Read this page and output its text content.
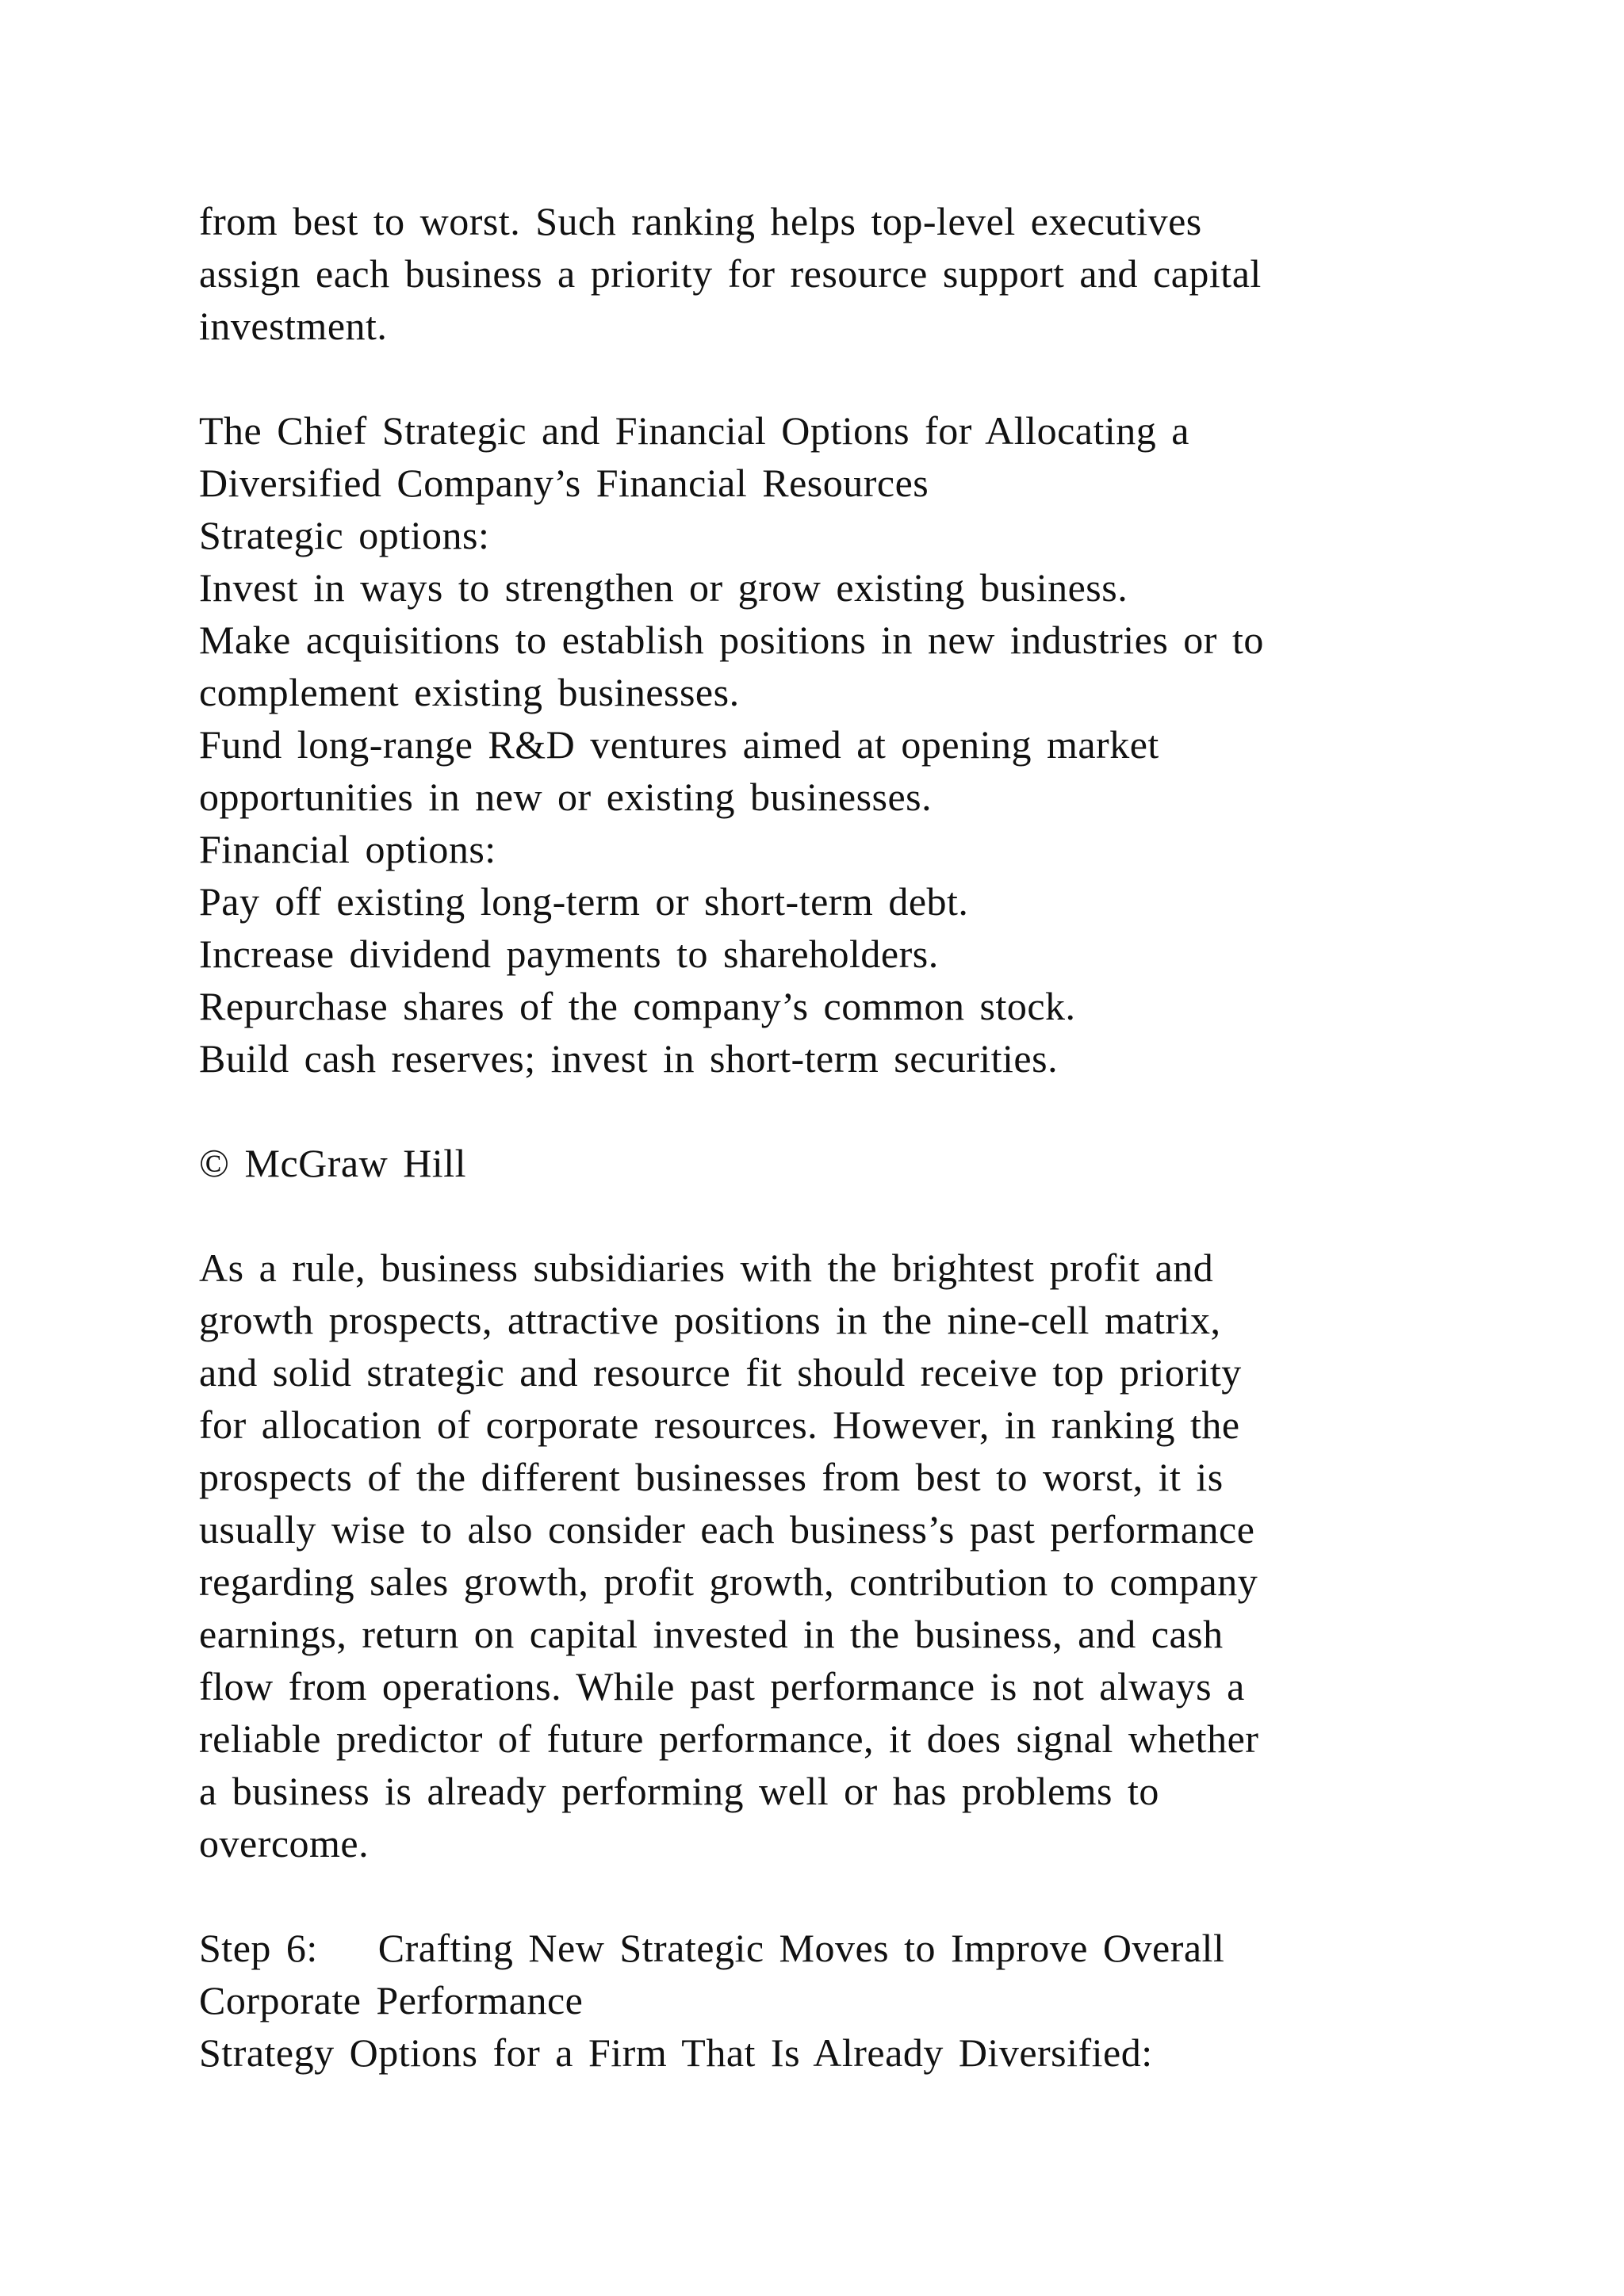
from best to worst. Such ranking helps top-level executives
assign each business a priority for resource support and capital
investment.
The Chief Strategic and Financial Options for Allocating a
Diversified Company’s Financial Resources
Strategic options:
Invest in ways to strengthen or grow existing business.
Make acquisitions to establish positions in new industries or to
complement existing businesses.
Fund long-range R&D ventures aimed at opening market
opportunities in new or existing businesses.
Financial options:
Pay off existing long-term or short-term debt.
Increase dividend payments to shareholders.
Repurchase shares of the company’s common stock.
Build cash reserves; invest in short-term securities.
© McGraw Hill
As a rule, business subsidiaries with the brightest profit and
growth prospects, attractive positions in the nine-cell matrix,
and solid strategic and resource fit should receive top priority
for allocation of corporate resources. However, in ranking the
prospects of the different businesses from best to worst, it is
usually wise to also consider each business’s past performance
regarding sales growth, profit growth, contribution to company
earnings, return on capital invested in the business, and cash
flow from operations. While past performance is not always a
reliable predictor of future performance, it does signal whether
a business is already performing well or has problems to
overcome.
Step 6:    Crafting New Strategic Moves to Improve Overall
Corporate Performance
Strategy Options for a Firm That Is Already Diversified:
